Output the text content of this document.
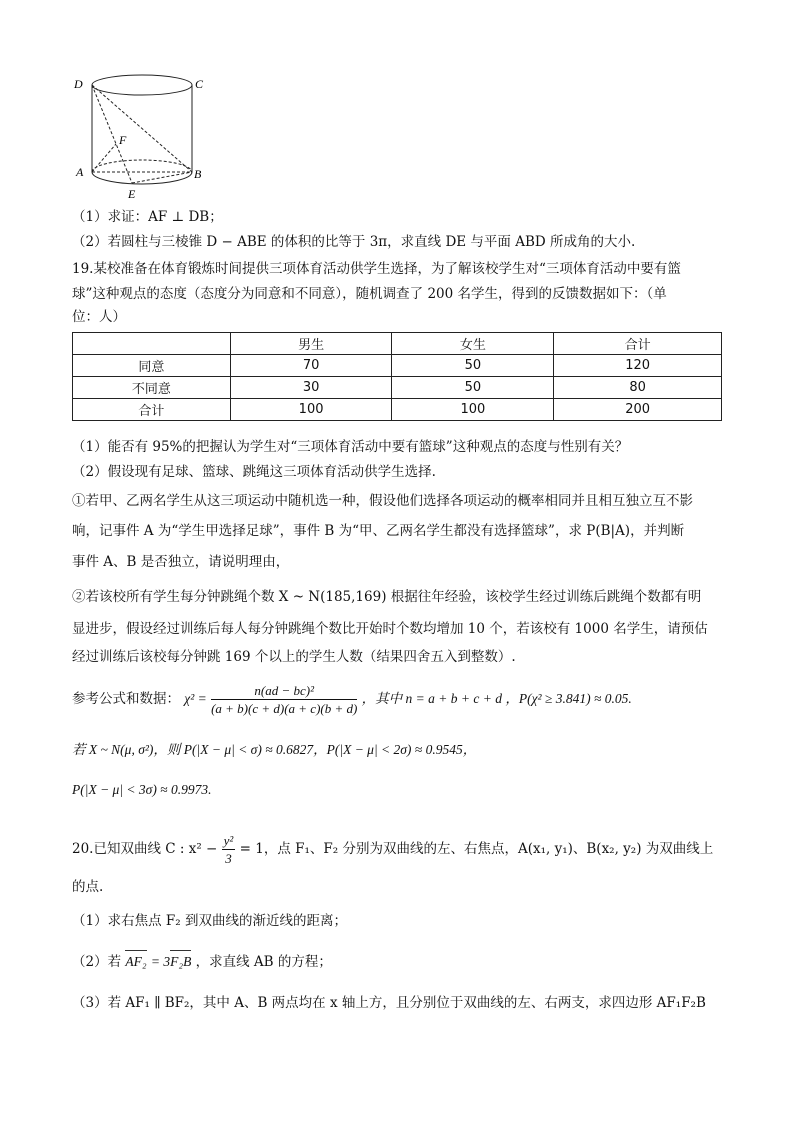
D	C
F
A	B
E
（1）求证：AF ⊥ DB；
（2）若圆柱与三棱锥 D − ABE 的体积的比等于 3π，求直线 DE 与平面 ABD 所成角的大小.
19.某校准备在体育锻炼时间提供三项体育活动供学生选择，为了解该校学生对“三项体育活动中要有篮
球”这种观点的态度（态度分为同意和不同意），随机调查了 200 名学生，得到的反馈数据如下：（单
位：人）
	男生	女生	合计
同意	70	50	120
不同意	30	50	80
合计	100	100	200
（1）能否有 95%的把握认为学生对“三项体育活动中要有篮球”这种观点的态度与性别有关？
（2）假设现有足球、篮球、跳绳这三项体育活动供学生选择.
①若甲、乙两名学生从这三项运动中随机选一种，假设他们选择各项运动的概率相同并且相互独立互不影
响，记事件 A 为“学生甲选择足球”，事件 B 为“甲、乙两名学生都没有选择篮球”，求 P(B|A)，并判断
事件 A、B 是否独立，请说明理由，
②若该校所有学生每分钟跳绳个数 X ~ N(185,169) 根据往年经验，该校学生经过训练后跳绳个数都有明
显进步，假设经过训练后每人每分钟跳绳个数比开始时个数均增加 10 个，若该校有 1000 名学生，请预估
经过训练后该校每分钟跳 169 个以上的学生人数（结果四舍五入到整数）.
参考公式和数据： $\chi^2 = \frac{\text{n(ad − bc)²}}{(a + b)(c + d)(a + c)(b + d)}$ ，其中 n = a + b + c + d ，P(χ² ≥ 3.841) ≈ 0.05.
若 X ~ N(μ, σ²)，则 P(|X − μ| < σ) ≈ 0.6827，P(|X − μ| < 2σ) ≈ 0.9545，
P(|X − μ| < 3σ) ≈ 0.9973.
20.已知双曲线 C : $x^2 - \frac{\text{y²}}{3} = 1$，点 F₁、F₂ 分别为双曲线的左、右焦点，A(x₁, y₁)、B(x₂, y₂) 为双曲线上
的点.
（1）求右焦点 F₂ 到双曲线的渐近线的距离；
（2）若 AF₂ = 3F₂B ，求直线 AB 的方程；
（3）若 AF₁ ∥ BF₂，其中 A、B 两点均在 x 轴上方，且分别位于双曲线的左、右两支，求四边形 AF₁F₂B
